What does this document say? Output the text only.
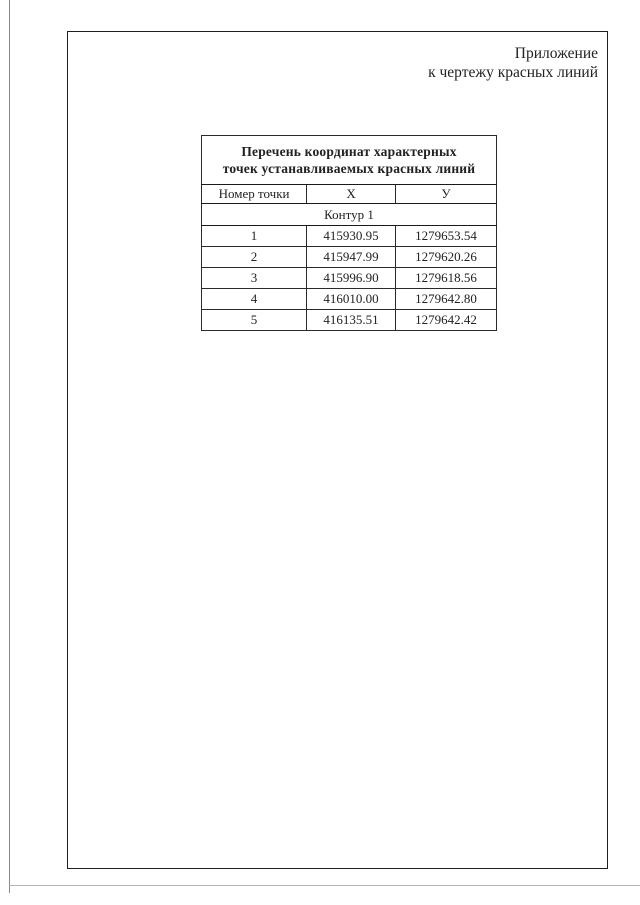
Приложение
к чертежу красных линий
Перечень координат характерных
точек устанавливаемых красных линий		

Номер точки	X	У
Контур 1		
1	415930.95	1279653.54
2	415947.99	1279620.26
3	415996.90	1279618.56
4	416010.00	1279642.80
5	416135.51	1279642.42
